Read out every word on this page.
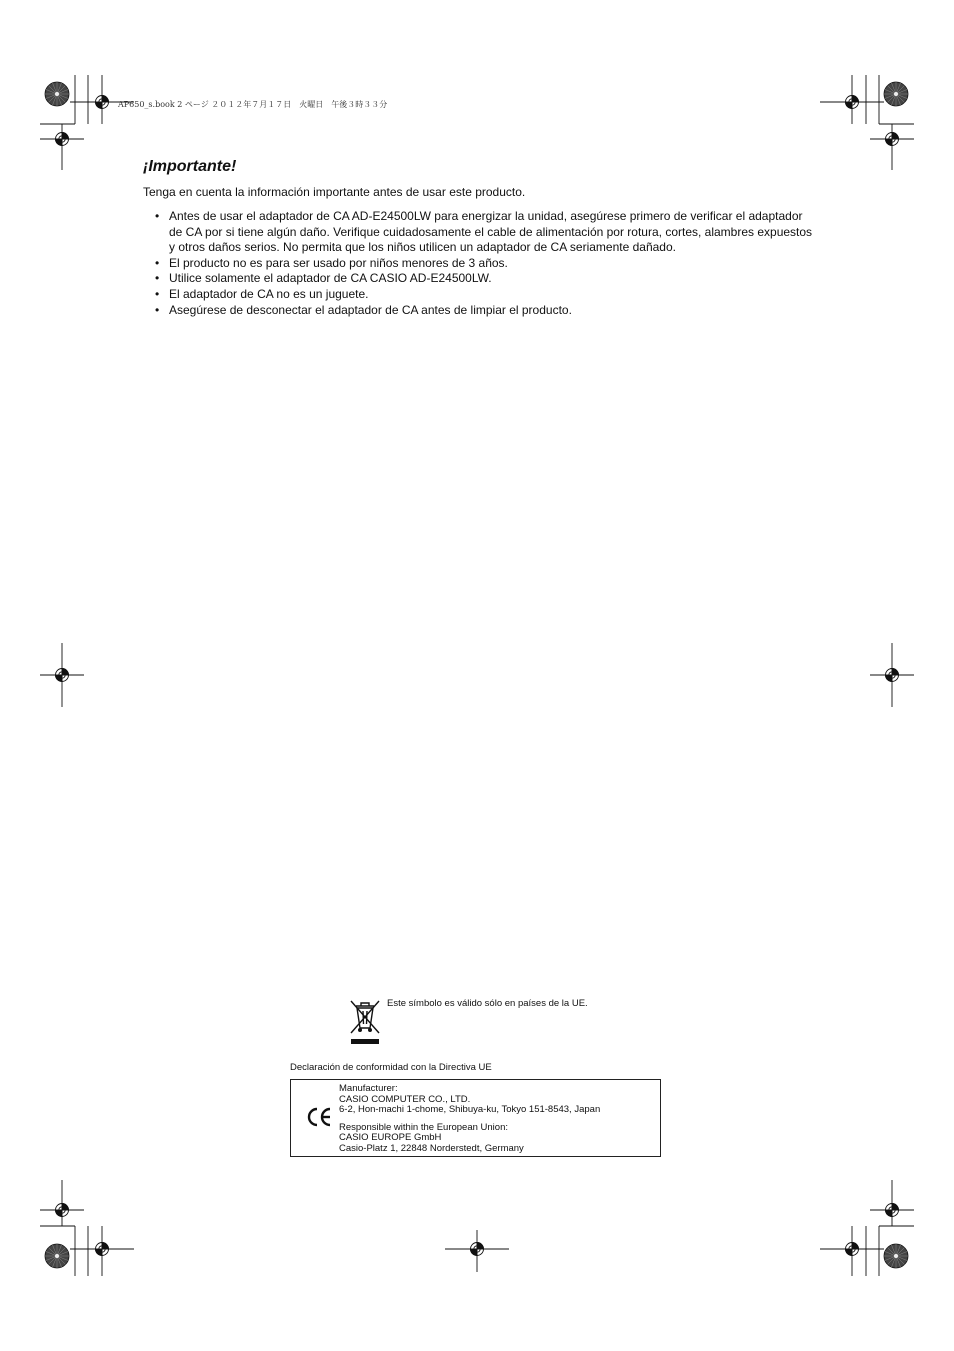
AP650_s.book 2 ページ ２０１２年７月１７日　火曜日　午後３時３３分
¡Importante!

Tenga en cuenta la información importante antes de usar este producto.

• Antes de usar el adaptador de CA AD-E24500LW para energizar la unidad, asegúrese primero de verificar el adaptador de CA por si tiene algún daño. Verifique cuidadosamente el cable de alimentación por rotura, cortes, alambres expuestos y otros daños serios. No permita que los niños utilicen un adaptador de CA seriamente dañado.
• El producto no es para ser usado por niños menores de 3 años.
• Utilice solamente el adaptador de CA CASIO AD-E24500LW.
• El adaptador de CA no es un juguete.
• Asegúrese de desconectar el adaptador de CA antes de limpiar el producto.
Este símbolo es válido sólo en países de la UE.
Declaración de conformidad con la Directiva UE
Manufacturer:
CASIO COMPUTER CO., LTD.
6-2, Hon-machi 1-chome, Shibuya-ku, Tokyo 151-8543, Japan
Responsible within the European Union:
CASIO EUROPE GmbH
Casio-Platz 1, 22848 Norderstedt, Germany
